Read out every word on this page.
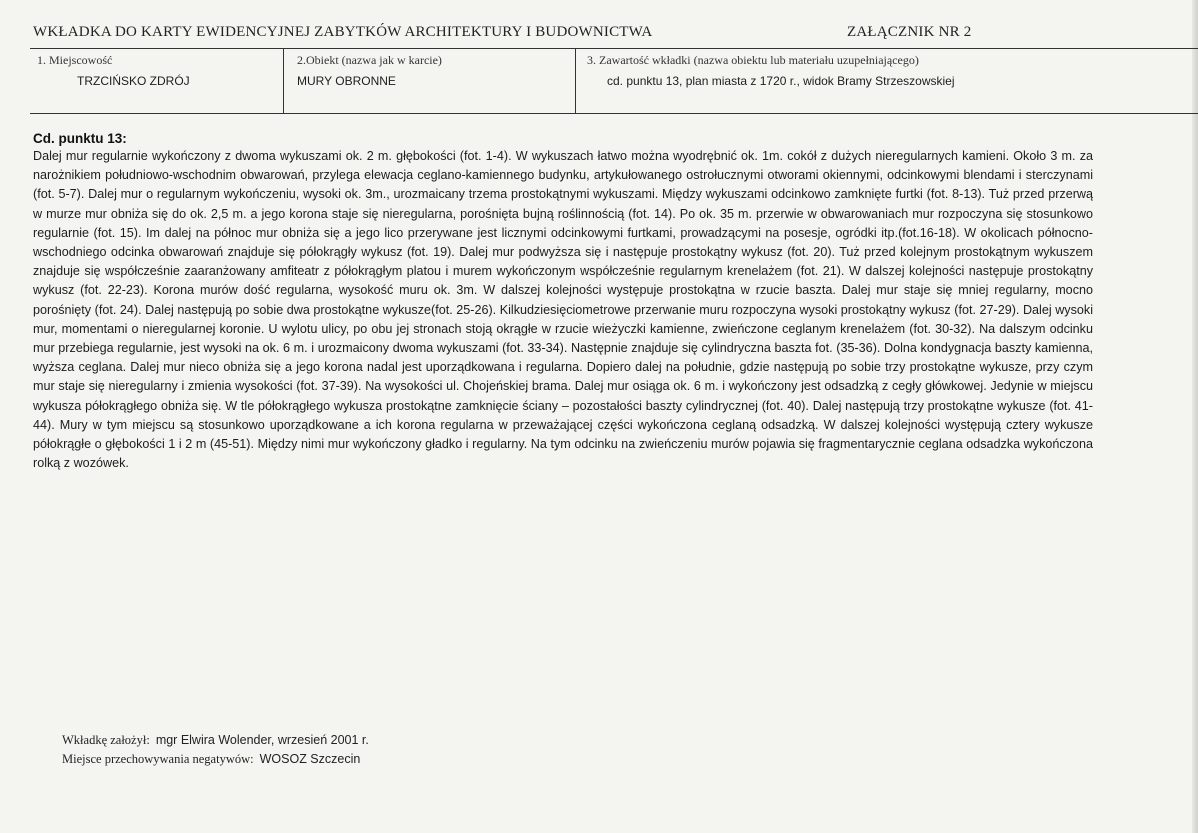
WKŁADKA DO KARTY EWIDENCYJNEJ ZABYTKÓW ARCHITEKTURY I BUDOWNICTWA	ZAŁĄCZNIK NR 2
1. Miejscowość
TRZCIŃSKO ZDRÓJ
2.Obiekt (nazwa jak w karcie)
MURY OBRONNE
3. Zawartość wkładki (nazwa obiektu lub materiału uzupełniającego)
cd. punktu 13, plan miasta z 1720 r., widok Bramy Strzeszowskiej
Cd. punktu 13:
Dalej mur regularnie wykończony z dwoma wykuszami ok. 2 m. głębokości (fot. 1-4). W wykuszach łatwo można wyodrębnić ok. 1m. cokół z dużych nieregularnych kamieni. Około 3 m. za narożnikiem południowo-wschodnim obwarowań, przylega elewacja ceglano-kamiennego budynku, artykułowanego ostrołucznymi otworami okiennymi, odcinkowymi blendami i sterczynami (fot. 5-7). Dalej mur o regularnym wykończeniu, wysoki ok. 3m., urozmaicany trzema prostokątnymi wykuszami. Między wykuszami odcinkowo zamknięte furtki (fot. 8-13). Tuż przed przerwą w murze mur obniża się do ok. 2,5 m. a jego korona staje się nieregularna, porośnięta bujną roślinnością (fot. 14). Po ok. 35 m. przerwie w obwarowaniach mur rozpoczyna się stosunkowo regularnie (fot. 15). Im dalej na północ mur obniża się a jego lico przerywane jest licznymi odcinkowymi furtkami, prowadzącymi na posesje, ogródki itp.(fot.16-18). W okolicach północno-wschodniego odcinka obwarowań znajduje się półokrągły wykusz (fot. 19). Dalej mur podwyższa się i następuje prostokątny wykusz (fot. 20). Tuż przed kolejnym prostokątnym wykuszem znajduje się współcześnie zaaranżowany amfiteatr z półokrągłym platou i murem wykończonym współcześnie regularnym krenelażem (fot. 21). W dalszej kolejności następuje prostokątny wykusz (fot. 22-23). Korona murów dość regularna, wysokość muru ok. 3m. W dalszej kolejności występuje prostokątna w rzucie baszta. Dalej mur staje się mniej regularny, mocno porośnięty (fot. 24). Dalej następują po sobie dwa prostokątne wykusze(fot. 25-26). Kilkudziesięciometrowe przerwanie muru rozpoczyna wysoki prostokątny wykusz (fot. 27-29). Dalej wysoki mur, momentami o nieregularnej koronie. U wylotu ulicy, po obu jej stronach stoją okrągłe w rzucie wieżyczki kamienne, zwieńczone ceglanym krenelażem (fot. 30-32). Na dalszym odcinku mur przebiega regularnie, jest wysoki na ok. 6 m. i urozmaicony dwoma wykuszami (fot. 33-34). Następnie znajduje się cylindryczna baszta fot. (35-36). Dolna kondygnacja baszty kamienna, wyższa ceglana. Dalej mur nieco obniża się a jego korona nadal jest uporządkowana i regularna. Dopiero dalej na południe, gdzie następują po sobie trzy prostokątne wykusze, przy czym mur staje się nieregularny i zmienia wysokości (fot. 37-39). Na wysokości ul. Chojeńskiej brama. Dalej mur osiąga ok. 6 m. i wykończony jest odsadzką z cegły główkowej. Jedynie w miejscu wykusza półokrągłego obniża się. W tle półokrągłego wykusza prostokątne zamknięcie ściany – pozostałości baszty cylindrycznej (fot. 40). Dalej następują trzy prostokątne wykusze (fot. 41-44). Mury w tym miejscu są stosunkowo uporządkowane a ich korona regularna w przeważającej części wykończona ceglaną odsadzką. W dalszej kolejności występują cztery wykusze półokrągłe o głębokości 1 i 2 m (45-51). Między nimi mur wykończony gładko i regularny. Na tym odcinku na zwieńczeniu murów pojawia się fragmentarycznie ceglana odsadzka wykończona rolką z wozówek.
Wkładkę założył: mgr Elwira Wolender, wrzesień 2001 r.
Miejsce przechowywania negatywów: WOSOZ Szczecin
